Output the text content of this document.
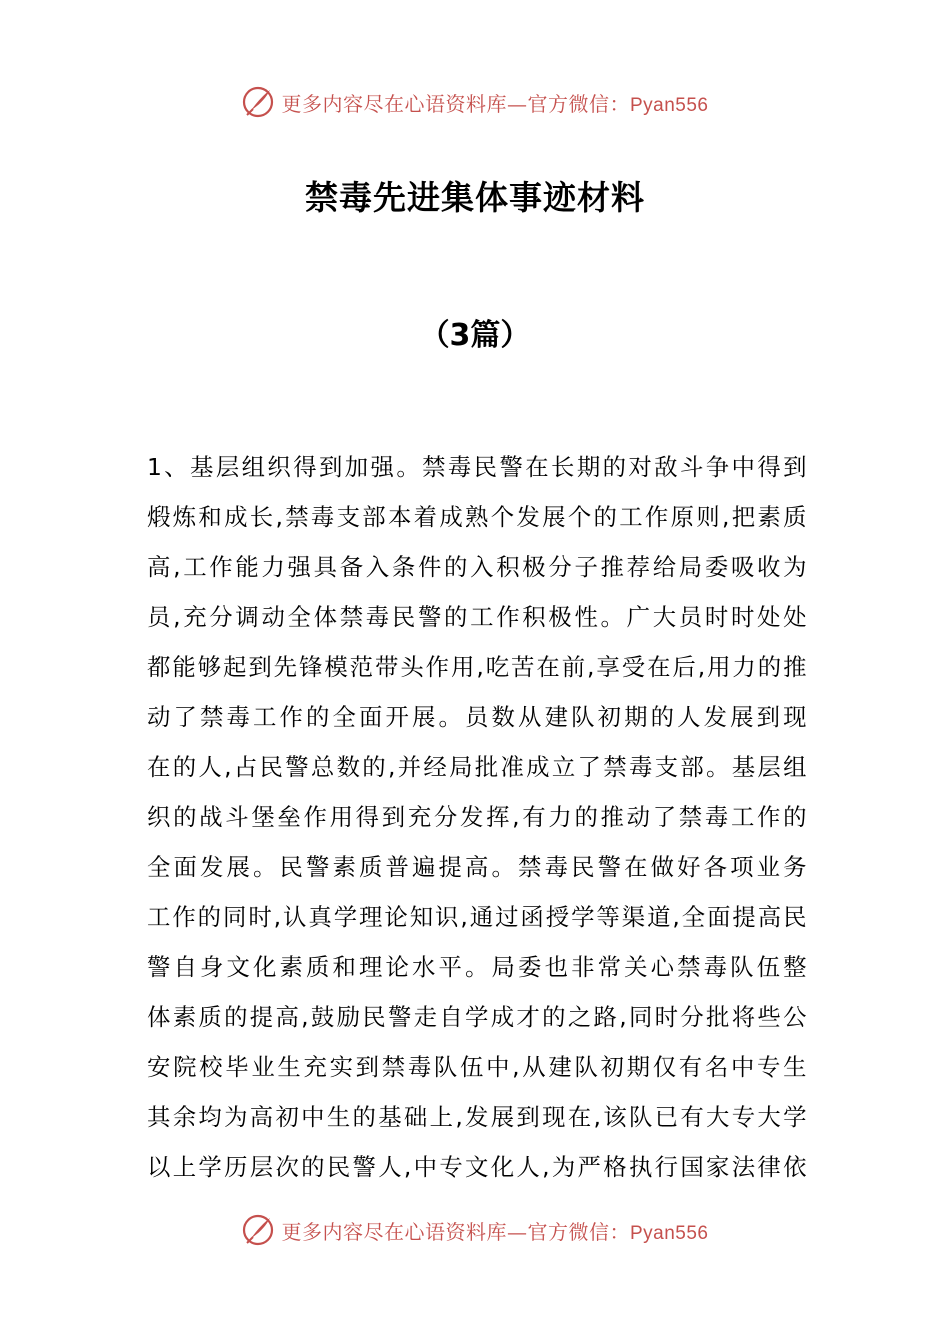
更多内容尽在心语资料库—官方微信：Pyan556
禁毒先进集体事迹材料
（3篇）
1、基层组织得到加强。禁毒民警在长期的对敌斗争中得到
煅炼和成长,禁毒支部本着成熟个发展个的工作原则,把素质
高,工作能力强具备入条件的入积极分子推荐给局委吸收为
员,充分调动全体禁毒民警的工作积极性。广大员时时处处
都能够起到先锋模范带头作用,吃苦在前,享受在后,用力的推
动了禁毒工作的全面开展。员数从建队初期的人发展到现
在的人,占民警总数的,并经局批准成立了禁毒支部。基层组
织的战斗堡垒作用得到充分发挥,有力的推动了禁毒工作的
全面发展。民警素质普遍提高。禁毒民警在做好各项业务
工作的同时,认真学理论知识,通过函授学等渠道,全面提高民
警自身文化素质和理论水平。局委也非常关心禁毒队伍整
体素质的提高,鼓励民警走自学成才的之路,同时分批将些公
安院校毕业生充实到禁毒队伍中,从建队初期仅有名中专生
其余均为高初中生的基础上,发展到现在,该队已有大专大学
以上学历层次的民警人,中专文化人,为严格执行国家法律依
更多内容尽在心语资料库—官方微信：Pyan556
